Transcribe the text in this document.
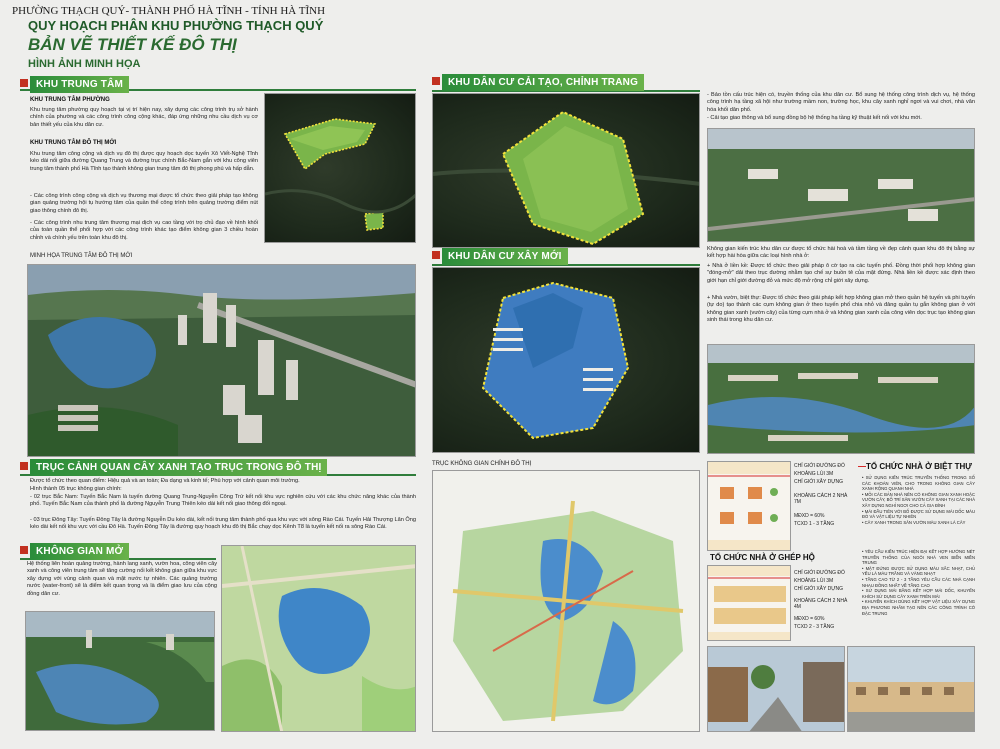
PHƯỜNG THẠCH QUÝ- THÀNH PHỐ HÀ TĨNH - TỈNH HÀ TĨNH
QUY HOẠCH PHÂN KHU PHƯỜNG THẠCH QUÝ
BẢN VẼ THIẾT KẾ ĐÔ THỊ
HÌNH ẢNH MINH HỌA
KHU TRUNG TÂM
KHU TRUNG TÂM PHƯỜNG
Khu trung tâm phường quy hoạch tại vị trí hiện nay, xây dựng các công trình trụ sở hành chính của phường và các công trình công cộng khác, đáp ứng những nhu cầu dịch vụ cơ bản thiết yếu của khu dân cư.
KHU TRUNG TÂM ĐÔ THỊ MỚI
Khu trung tâm công cộng và dịch vụ đô thị được quy hoạch dọc tuyến Xô Viết-Nghệ Tĩnh kéo dài nối giữa đường Quang Trung và đường trục chính Bắc-Nam gắn với khu công viên trung tâm thành phố Hà Tĩnh tạo thành không gian trung tâm đô thị phong phú và hấp dẫn.
- Các công trình công cộng và dịch vụ thương mại được tổ chức theo giải pháp tạo không gian quảng trường hội tụ hướng tâm của quần thể công trình trên quảng trường điểm nút giao thông chính đô thị.
- Các công trình nhu trung tâm thương mại dịch vụ cao tầng với trọ chủ đạo về hình khối của toàn quần thể phối hợp với các công trình khác tạo điểm không gian 3 chiều hoàn chỉnh và chính yếu trên toàn khu đô thị.
MINH HỌA TRUNG TÂM ĐÔ THỊ MỚI
TRỤC CẢNH QUAN CÂY XANH TẠO TRỤC TRONG ĐÔ THỊ
Được tổ chức theo quan điểm: Hiệu quả và an toàn; Đa dạng và kinh tế; Phù hợp với cảnh quan môi trường.
Hình thành 05 trục không gian chính:
- 02 trục Bắc Nam: Tuyến Bắc Nam là tuyến đường Quang Trung-Nguyễn Công Trứ kết nối khu vực nghiên cứu với các khu chức năng khác của thành phố. Tuyến Bắc Nam của thành phố là đường Nguyễn Trung Thiên kéo dài kết nối giao thông đối ngoại.
- 03 trục Đông Tây: Tuyến Đông Tây là đường Nguyễn Du kéo dài, kết nối trung tâm thành phố qua khu vực với sông Rào Cái. Tuyến Hải Thượng Lãn Ông kéo dài kết nối khu vực với cầu Đô Hà. Tuyến Đông Tây là đường quy hoạch khu đô thị Bắc chạy dọc Kênh T8 là tuyến kết nối ra sông Rào Cái.
KHÔNG GIAN MỞ
Hệ thống liên hoàn quảng trường, hành lang xanh, vườn hoa, công viên cây xanh và công viên trung tâm sẽ tăng cường nối kết không gian giữa khu vực xây dựng với vùng cảnh quan và mặt nước tự nhiên. Các quảng trường nước (water-front) sẽ là điểm kết quan trọng và là điểm giao lưu của cộng đồng dân cư.
KHU DÂN CƯ CẢI TẠO, CHỈNH TRANG
KHU DÂN CƯ XÂY MỚI
TRỤC KHÔNG GIAN CHÍNH ĐÔ THỊ
- Bảo tồn cấu trúc hiện có, truyền thống của khu dân cư. Bổ sung hệ thống công trình dịch vụ, hệ thống công trình hạ tầng xã hội như trường mầm non, trường học, khu cây xanh nghỉ ngơi và vui chơi, nhà văn hóa khối dân phố.
- Cải tạo giao thông và bổ sung đồng bộ hệ thống hạ tầng kỹ thuật kết nối với khu mới.
Không gian kiến trúc khu dân cư được tổ chức hài hoà và tầm tầng về đẹp cảnh quan khu đô thị bằng sự kết hợp hài hòa giữa các loại hình nhà ở:
+ Nhà ở liền kề: Được tổ chức theo giải pháp ô cờ tạo ra các tuyến phố. Đồng thời phối hợp không gian "đóng-mở" dải theo trục đường nhằm tạo chế sự buồn tẻ của mặt đứng. Nhà liền kề được xác định theo giới hạn chỉ giới đường đỏ và mức độ mở rộng chỉ giới xây dựng.
+ Nhà vườn, biệt thự: Được tổ chức theo giải pháp kết hợp không gian mở theo quần hệ tuyến và phi tuyến (tự do) tạo thành các cụm không gian ở theo tuyến phố chia nhỏ và đảng quần tụ gắn không gian ở với không gian xanh (vườn cây) của từng cụm nhà ở và không gian xanh của công viên dọc trục tạo không gian sinh thái trong khu dân cư.
CHỈ GIỚI ĐƯỜNG ĐỎ
KHOẢNG LÙI 3M
CHỈ GIỚI XÂY DỰNG
KHOẢNG CÁCH 2 NHÀ 7M
MĐXD = 60%
TCXD 1 - 3 TẦNG
TỔ CHỨC NHÀ Ở BIỆT THỰ
• SỬ DỤNG KIẾN TRÚC TRUYỀN THỐNG TRONG SỐ CÁC KHOÁN VIÊN, CHO TRONG KHÔNG GIAN CÂY XANH RỘNG QUANH NHÀ
• MỖI CÁC BẢN NHÀ NÊN CÓ KHÔNG GIAN XANH HOẶC VƯỜN CÂY, BỐ TRÍ SÂN VƯỜN CÂY XANH TẠI CÁC NHÀ XÂY DỰNG NGHỈ NGƠI CHO CẢ GIA ĐÌNH
• MÁI ĐẦU TIÊN VỚI BỐ ĐƯỢC SỬ DỤNG MÁI DỐC MÀU ĐỎ VÀ VẬT LIỆU TỰ NHIÊN
• CÂY XANH TRONG SÂN VƯỜN MÀU XANH LÁ CÂY
TỔ CHỨC NHÀ Ở GHÉP HỘ
CHỈ GIỚI ĐƯỜNG ĐỎ
KHOẢNG LÙI 3M
CHỈ GIỚI XÂY DỰNG
KHOẢNG CÁCH 2 NHÀ 4M
MĐXD = 60%
TCXD 2 - 3 TẦNG
• YÊU CẦU KIẾN TRÚC HIỆN ĐẠI KẾT HỢP HƯỚNG NÉT TRUYỀN THỐNG CỦA NGÔI NHÀ VEN BIỂN MIỀN TRUNG
• MẶT ĐỨNG ĐƯỢC SỬ DỤNG MÀU SẮC NHẠT, CHỦ YẾU LÀ MÀU TRẮNG VÀ VÀNG NHẠT
• TẦNG CAO TỪ 2 - 3 TẦNG YÊU CẦU CÁC NHÀ CẠNH NHAU ĐỒNG NHẤT VỀ TẦNG CAO
• SỬ DỤNG MÁI BẰNG KẾT HỢP MÁI DỐC, KHUYẾN KHÍCH SỬ DỤNG CÂY XANH TRÊN MÁI
• KHUYẾN KHÍCH DÙNG KẾT HỢP VẬT LIỆU XÂY DỰNG ĐỊA PHƯƠNG NHẰM TẠO NÊN CÁC CÔNG TRÌNH CÓ ĐẶC TRƯNG
